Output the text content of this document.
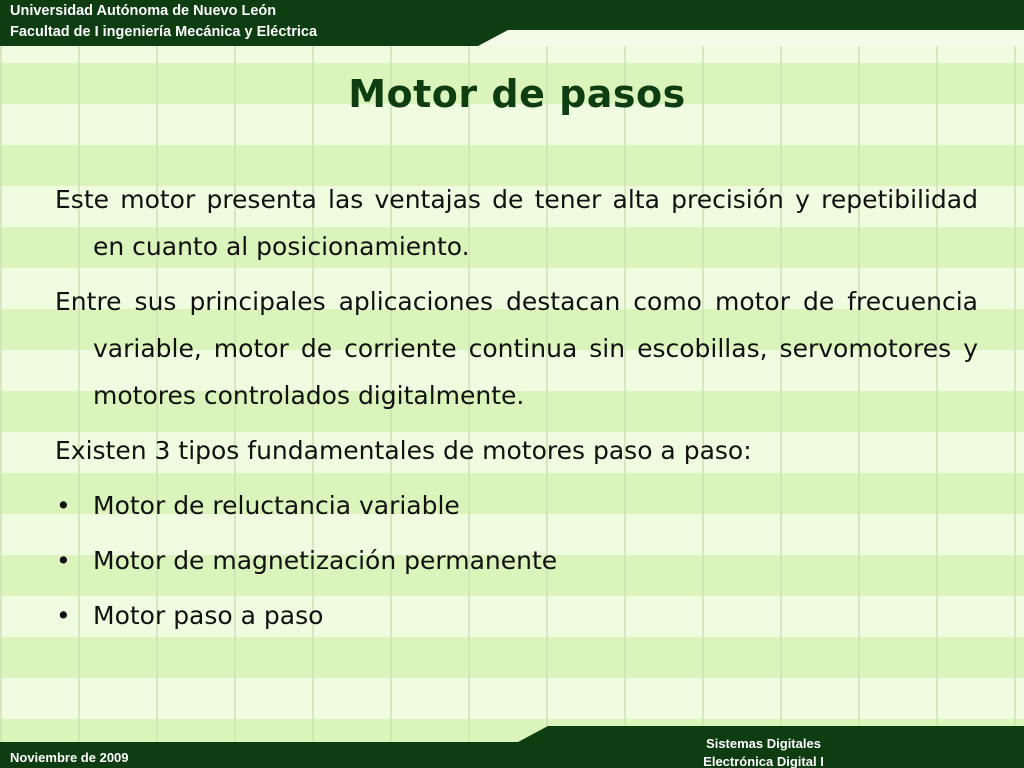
Universidad Autónoma de Nuevo León
Facultad de I ingeniería Mecánica y Eléctrica
Motor de pasos

Este motor presenta las ventajas de tener alta precisión y repetibilidad en cuanto al posicionamiento.

Entre sus principales aplicaciones destacan como motor de frecuencia variable, motor de corriente continua sin escobillas, servomotores y motores controlados digitalmente.

Existen 3 tipos fundamentales de motores paso a paso:

• Motor de reluctancia variable
• Motor de magnetización permanente
• Motor paso a paso
Noviembre de 2009
Sistemas Digitales
Electrónica Digital I
